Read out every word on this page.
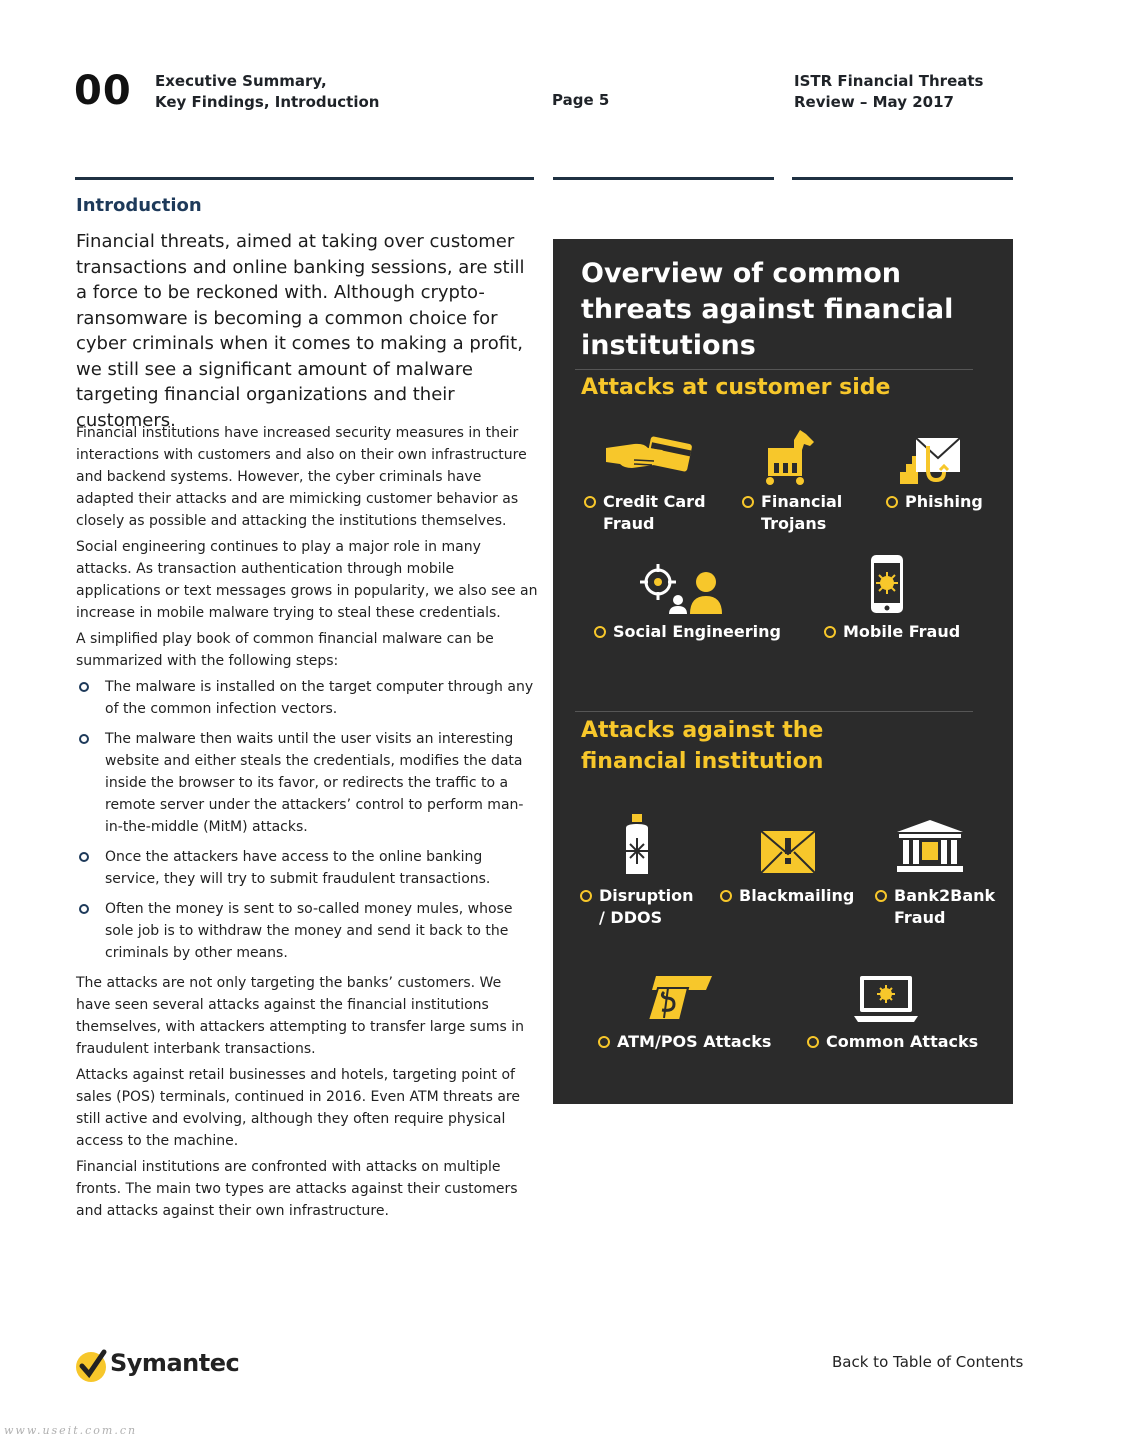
00 Executive Summary,
Key Findings, Introduction	Page 5
ISTR Financial Threats
Review – May 2017
Introduction
Financial threats, aimed at taking over customer transactions and online banking sessions, are still a force to be reckoned with. Although crypto-ransomware is becoming a common choice for cyber criminals when it comes to making a profit, we still see a significant amount of malware targeting financial organizations and their customers.

Financial institutions have increased security measures in their interactions with customers and also on their own infrastructure and backend systems. However, the cyber criminals have adapted their attacks and are mimicking customer behavior as closely as possible and attacking the institutions themselves.

Social engineering continues to play a major role in many attacks. As transaction authentication through mobile applications or text messages grows in popularity, we also see an increase in mobile malware trying to steal these credentials.

A simplified play book of common financial malware can be summarized with the following steps:

The malware is installed on the target computer through any of the common infection vectors.
The malware then waits until the user visits an interesting website and either steals the credentials, modifies the data inside the browser to its favor, or redirects the traffic to a remote server under the attackers’ control to perform man-in-the-middle (MitM) attacks.
Once the attackers have access to the online banking service, they will try to submit fraudulent transactions.
Often the money is sent to so-called money mules, whose sole job is to withdraw the money and send it back to the criminals by other means.

The attacks are not only targeting the banks’ customers. We have seen several attacks against the financial institutions themselves, with attackers attempting to transfer large sums in fraudulent interbank transactions.

Attacks against retail businesses and hotels, targeting point of sales (POS) terminals, continued in 2016. Even ATM threats are still active and evolving, although they often require physical access to the machine.

Financial institutions are confronted with attacks on multiple fronts. The main two types are attacks against their customers and attacks against their own infrastructure.

Overview of common threats against financial institutions
Attacks at customer side
Credit Card
Fraud
Financial
Trojans
Phishing
Social Engineering	Mobile Fraud
Attacks against the
financial institution
Disruption
/ DDOS
Blackmailing Bank2Bank
Fraud
ATM/POS Attacks	Common Attacks
Symantec	Back to Table of Contents
www.useit.com.cn
